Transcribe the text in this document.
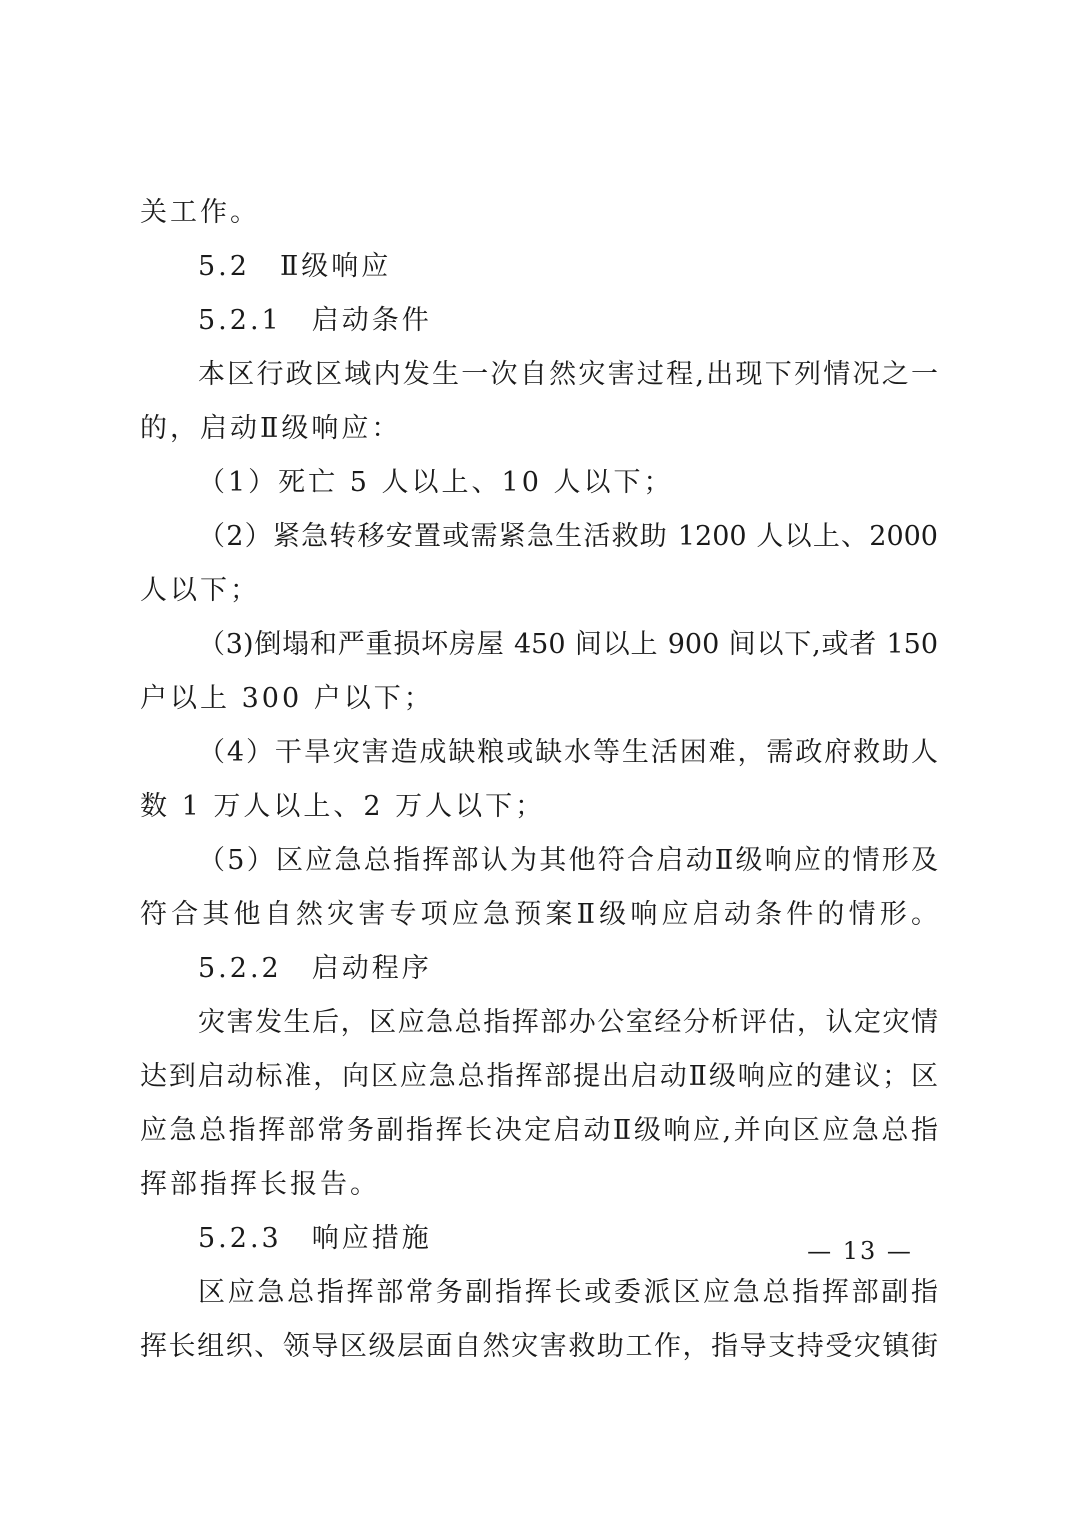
关工作。
5.2　Ⅱ级响应
5.2.1　启动条件
本区行政区域内发生一次自然灾害过程,出现下列情况之一
的，启动Ⅱ级响应：
（1）死亡 5 人以上、10 人以下；
（2）紧急转移安置或需紧急生活救助 1200 人以上、2000
人以下；
（3)倒塌和严重损坏房屋 450 间以上 900 间以下,或者 150
户以上 300 户以下；
（4）干旱灾害造成缺粮或缺水等生活困难，需政府救助人
数 1 万人以上、2 万人以下；
（5）区应急总指挥部认为其他符合启动Ⅱ级响应的情形及
符合其他自然灾害专项应急预案Ⅱ级响应启动条件的情形。
5.2.2　启动程序
灾害发生后，区应急总指挥部办公室经分析评估，认定灾情
达到启动标准，向区应急总指挥部提出启动Ⅱ级响应的建议；区
应急总指挥部常务副指挥长决定启动Ⅱ级响应,并向区应急总指
挥部指挥长报告。
5.2.3　响应措施
区应急总指挥部常务副指挥长或委派区应急总指挥部副指
挥长组织、领导区级层面自然灾害救助工作，指导支持受灾镇街
— 13 —
